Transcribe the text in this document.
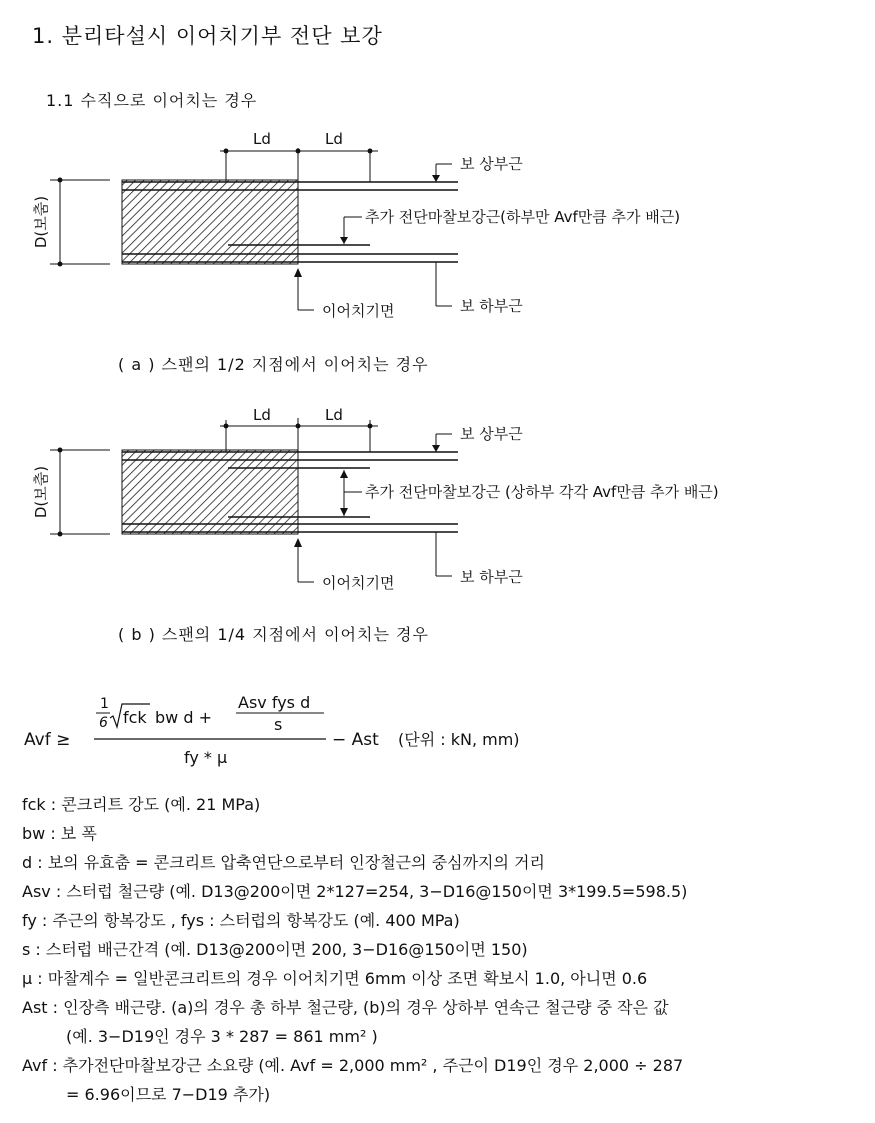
1. 분리타설시 이어치기부 전단 보강
1.1 수직으로 이어치는 경우
Ld	Ld
D(보춤)
보 상부근
추가 전단마찰보강근(하부만 Avf만큼 추가 배근)
이어치기면	보 하부근
( a ) 스팬의 1/2 지점에서 이어치는 경우
Ld	Ld
D(보춤)
보 상부근
추가 전단마찰보강근 (상하부 각각 Avf만큼 추가 배근)
이어치기면	보 하부근
( b ) 스팬의 1/4 지점에서 이어치는 경우
Avf ≥
1
6 fck bw d +
Asv fys d
s
fy * μ
− Ast (단위 : kN, mm)
fck : 콘크리트 강도 (예. 21 MPa)
bw : 보 폭
d : 보의 유효춤 = 콘크리트 압축연단으로부터 인장철근의 중심까지의 거리
Asv : 스터럽 철근량 (예. D13@200이면 2*127=254, 3−D16@150이면 3*199.5=598.5)
fy : 주근의 항복강도 , fys : 스터럽의 항복강도 (예. 400 MPa)
s : 스터럽 배근간격 (예. D13@200이면 200, 3−D16@150이면 150)
μ : 마찰계수 = 일반콘크리트의 경우 이어치기면 6mm 이상 조면 확보시 1.0, 아니면 0.6
Ast : 인장측 배근량. (a)의 경우 총 하부 철근량, (b)의 경우 상하부 연속근 철근량 중 작은 값
(예. 3−D19인 경우 3 * 287 = 861 mm² )
Avf : 추가전단마찰보강근 소요량 (예. Avf = 2,000 mm² , 주근이 D19인 경우 2,000 ÷ 287
= 6.96이므로 7−D19 추가)
